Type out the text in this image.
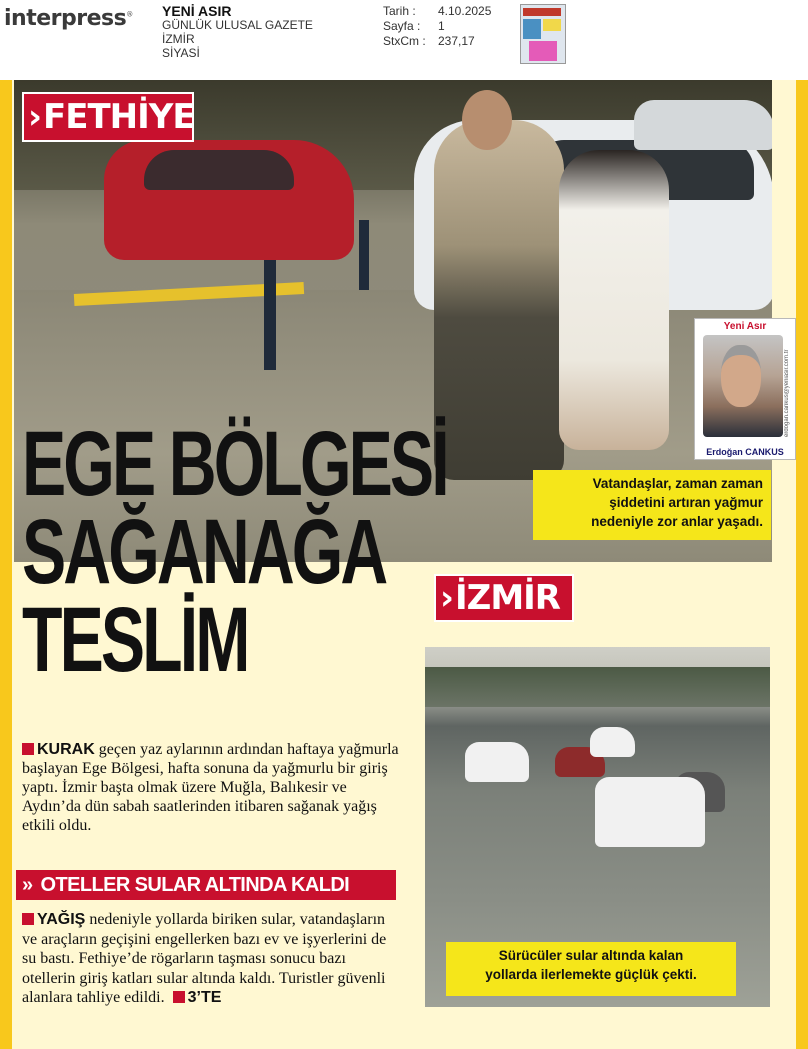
interpress® YENİ ASIR
GÜNLÜK ULUSAL GAZETE
İZMİR
SİYASİ
Tarih :	4.10.2025
Sayfa :	1
StxCm :	237,17
› FETHİYE
EGE BÖLGESİ
SAĞANAĞA
TESLİM
Vatandaşlar, zaman zaman
şiddetini artıran yağmur
nedeniyle zor anlar yaşadı.
Yeni Asır
erdogan.cankus@yeniasir.com.tr
Erdoğan CANKUS
› İZMİR
Sürücüler sular altında kalan
yollarda ilerlemekte güçlük çekti.
KURAK geçen yaz aylarının ardından haftaya yağmurla başlayan Ege Bölgesi, hafta sonuna da yağmurlu bir giriş yaptı. İzmir başta olmak üzere Muğla, Balıkesir ve Aydın’da dün sabah saatlerinden itibaren sağanak yağış etkili oldu.
» OTELLER SULAR ALTINDA KALDI
YAĞIŞ nedeniyle yollarda biriken sular, vatandaşların ve araçların geçişini engellerken bazı ev ve işyerlerini de su bastı. Fethiye’de rögarların taşması sonucu bazı otellerin giriş katları sular altında kaldı. Turistler güvenli alanlara tahliye edildi. 3’TE
